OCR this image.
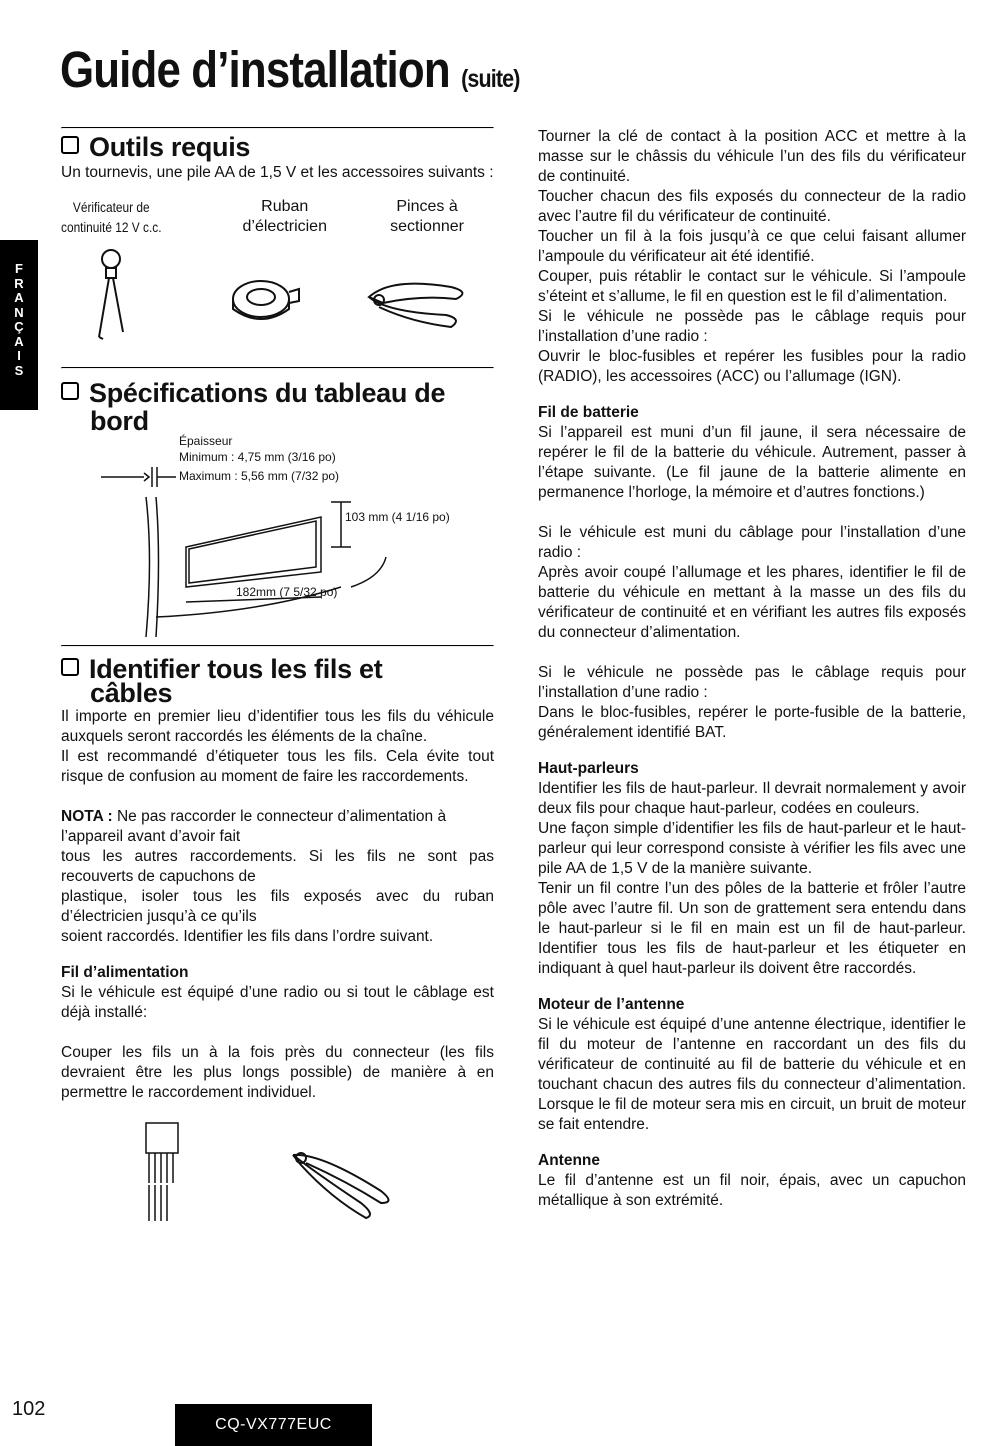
Guide d’installation (suite)
F
R
A
N
Ç
A
I
S
Outils requis

Un tournevis, une pile AA de 1,5 V et les accessoires suivants :

Vérificateur de
continuité 12 V c.c.
Ruban
d’électricien
Pinces à
sectionner
Spécifications du tableau de
bord
Épaisseur
Minimum : 4,75 mm (3/16 po)
Maximum : 5,56 mm (7/32 po)
103 mm (4 1/16 po)
182mm (7 5/32 po)
Identifier tous les fils et
câbles

Il importe en premier lieu d’identifier tous les fils du véhicule auxquels seront raccordés les éléments de la chaîne.

Il est recommandé d’étiqueter tous les fils. Cela évite tout risque de confusion au moment de faire les raccordements.

NOTA : Ne pas raccorder le connecteur d’alimentation à l’appareil avant d’avoir fait

tous les autres raccordements. Si les fils ne sont pas recouverts de capuchons de

plastique, isoler tous les fils exposés avec du ruban d’électricien jusqu’à ce qu’ils

soient raccordés. Identifier les fils dans l’ordre suivant.

Fil d’alimentation

Si le véhicule est équipé d’une radio ou si tout le câblage est déjà installé:

Couper les fils un à la fois près du connecteur (les fils devraient être les plus longs possible) de manière à en permettre le raccordement individuel.

Tourner la clé de contact à la position ACC et mettre à la masse sur le châssis du véhicule l’un des fils du vérificateur de continuité.

Toucher chacun des fils exposés du connecteur de la radio avec l’autre fil du vérificateur de continuité.

Toucher un fil à la fois jusqu’à ce que celui faisant allumer l’ampoule du vérificateur ait été identifié.

Couper, puis rétablir le contact sur le véhicule. Si l’ampoule s’éteint et s’allume, le fil en question est le fil d’alimentation.

Si le véhicule ne possède pas le câblage requis pour l’installation d’une radio :

Ouvrir le bloc-fusibles et repérer les fusibles pour la radio (RADIO), les accessoires (ACC) ou l’allumage (IGN).

Fil de batterie

Si l’appareil est muni d’un fil jaune, il sera nécessaire de repérer le fil de la batterie du véhicule. Autrement, passer à l’étape suivante. (Le fil jaune de la batterie alimente en permanence l’horloge, la mémoire et d’autres fonctions.)

Si le véhicule est muni du câblage pour l’installation d’une radio :

Après avoir coupé l’allumage et les phares, identifier le fil de batterie du véhicule en mettant à la masse un des fils du vérificateur de continuité et en vérifiant les autres fils exposés du connecteur d’alimentation.

Si le véhicule ne possède pas le câblage requis pour l’installation d’une radio :

Dans le bloc-fusibles, repérer le porte-fusible de la batterie, généralement identifié BAT.

Haut-parleurs

Identifier les fils de haut-parleur. Il devrait normalement y avoir deux fils pour chaque haut-parleur, codées en couleurs.

Une façon simple d’identifier les fils de haut-parleur et le haut-parleur qui leur correspond consiste à vérifier les fils avec une pile AA de 1,5 V de la manière suivante.

Tenir un fil contre l’un des pôles de la batterie et frôler l’autre pôle avec l’autre fil. Un son de grattement sera entendu dans le haut-parleur si le fil en main est un fil de haut-parleur. Identifier tous les fils de haut-parleur et les étiqueter en indiquant à quel haut-parleur ils doivent être raccordés.

Moteur de l’antenne

Si le véhicule est équipé d’une antenne électrique, identifier le fil du moteur de l’antenne en raccordant un des fils du vérificateur de continuité au fil de batterie du véhicule et en touchant chacun des autres fils du connecteur d’alimentation. Lorsque le fil de moteur sera mis en circuit, un bruit de moteur se fait entendre.

Antenne

Le fil d’antenne est un fil noir, épais, avec un capuchon métallique à son extrémité.

102
CQ-VX777EUC
